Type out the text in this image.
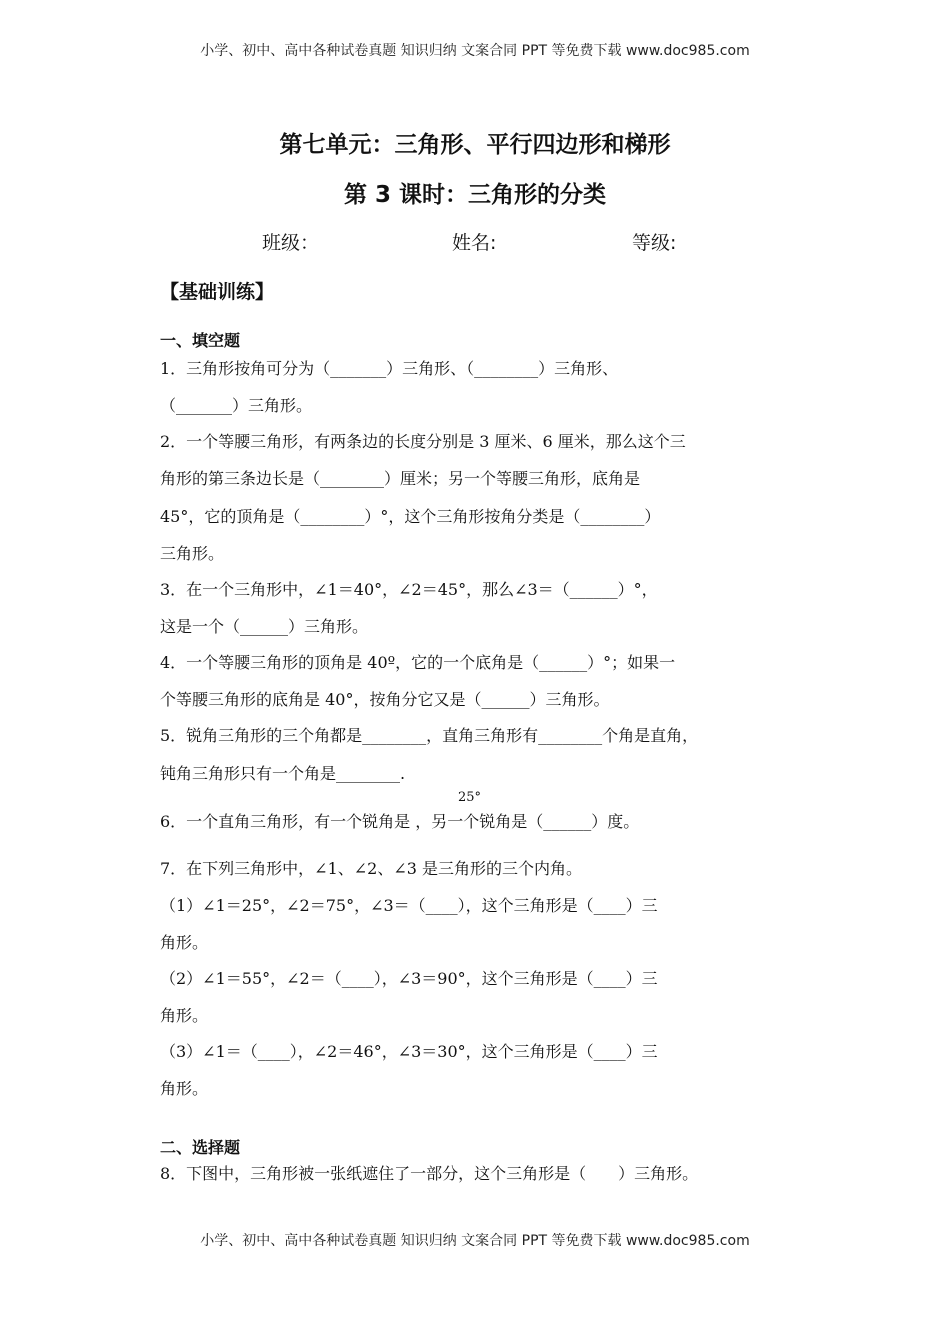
小学、初中、高中各种试卷真题 知识归纳 文案合同 PPT 等免费下载 www.doc985.com
第七单元：三角形、平行四边形和梯形
第 3 课时：三角形的分类
班级：	姓名:	等级:
【基础训练】
一、填空题
1．三角形按角可分为（_______）三角形、（________）三角形、
（_______）三角形。
2．一个等腰三角形，有两条边的长度分别是 3 厘米、6 厘米，那么这个三
角形的第三条边长是（________）厘米；另一个等腰三角形，底角是
45°，它的顶角是（________）°，这个三角形按角分类是（________）
三角形。
3．在一个三角形中，∠1＝40°，∠2＝45°，那么∠3＝（______）°，
这是一个（______）三角形。
4．一个等腰三角形的顶角是 40º，它的一个底角是（______）°；如果一
个等腰三角形的底角是 40°，按角分它又是（______）三角形。
5．锐角三角形的三个角都是________，直角三角形有________个角是直角，
钝角三角形只有一个角是________.
25°
6．一个直角三角形，有一个锐角是 ，另一个锐角是（______）度。
7．在下列三角形中，∠1、∠2、∠3 是三角形的三个内角。
（1）∠1＝25°，∠2＝75°，∠3＝（____），这个三角形是（____）三
角形。
（2）∠1＝55°，∠2＝（____），∠3＝90°，这个三角形是（____）三
角形。
（3）∠1＝（____），∠2＝46°，∠3＝30°，这个三角形是（____）三
角形。
二、选择题
8．下图中，三角形被一张纸遮住了一部分，这个三角形是（　　）三角形。
小学、初中、高中各种试卷真题 知识归纳 文案合同 PPT 等免费下载 www.doc985.com
